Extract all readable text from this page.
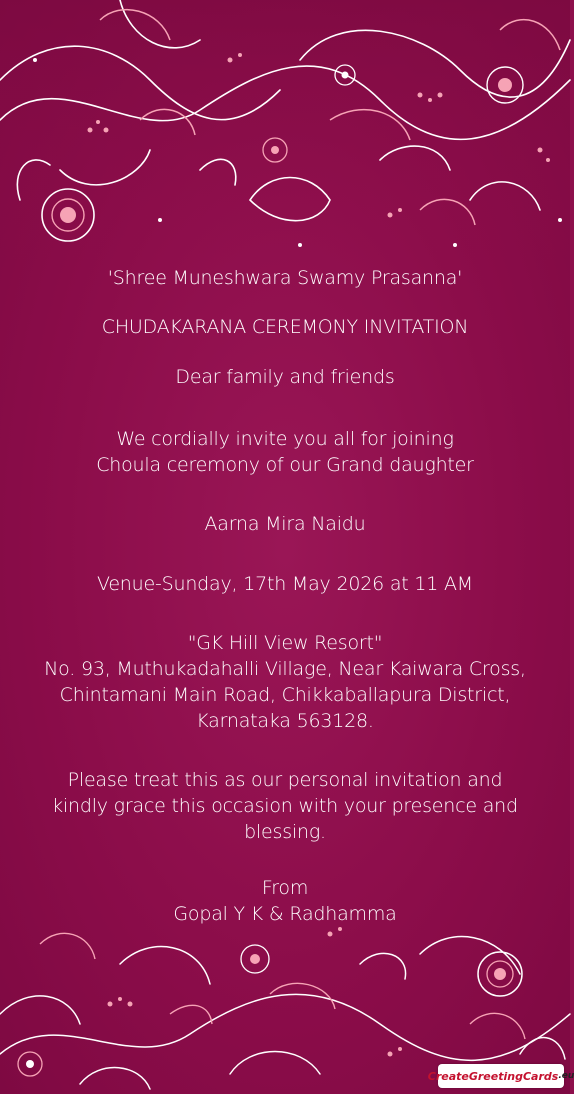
'Shree Muneshwara Swamy Prasanna'
CHUDAKARANA CEREMONY INVITATION
Dear family and friends
We cordially invite you all for joining
Choula ceremony of our Grand daughter
Aarna Mira Naidu
Venue-Sunday, 17th May 2026 at 11 AM
"GK Hill View Resort"
No. 93, Muthukadahalli Village, Near Kaiwara Cross,
Chintamani Main Road, Chikkaballapura District,
Karnataka 563128.
Please treat this as our personal invitation and
kindly grace this occasion with your presence and
blessing.
From
Gopal Y K & Radhamma
CreateGreetingCards .eu
